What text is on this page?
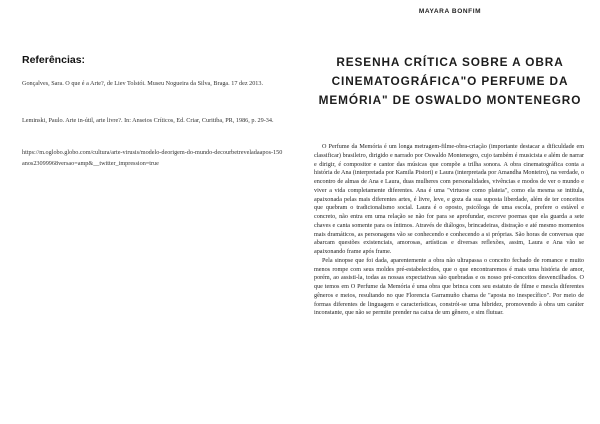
Referências:
Gonçalves, Sara. O que é a Arte?, de Liev Tolstói. Museu Nogueira da Silva, Braga. 17 dez 2013.
Leminski, Paulo. Arte in-útil, arte livre?. In: Anseios Críticos, Ed. Criar, Curitiba, PR, 1986, p. 29-34.
https://m.oglobo.globo.com/cultura/arte-virusis/modelo-deorigem-do-mundo-decourbetreveladaapos-150anos23099968versao=amp&__twitter_impression=true
MAYARA BONFIM
RESENHA CRÍTICA SOBRE A OBRA CINEMATOGRÁFICA"O PERFUME DA MEMÓRIA" DE OSWALDO MONTENEGRO

O Perfume da Memória é um longa metragem-filme-obra-criação (importante destacar a dificuldade em classificar) brasileiro, dirigido e narrado por Oswaldo Montenegro, cujo também é musicista e além de narrar e dirigir, é compositor e cantor das músicas que compõe a trilha sonora. A obra cinematográfica conta a história de Ana (interpretada por Kamila Pistori) e Laura (interpretada por Amandha Monteiro), na verdade, o encontro de almas de Ana e Laura, duas mulheres com personalidades, vivências e modos de ver o mundo e viver a vida completamente diferentes. Ana é uma "virtuose como plateia", como ela mesma se intitula, apaixonada pelas mais diferentes artes, é livre, leve, e goza da sua suposta liberdade, além de ter conceitos que quebram o tradicionalismo social. Laura é o oposto, psicóloga de uma escola, prefere o estável e concreto, não entra em uma relação se não for para se aprofundar, escreve poemas que ela guarda a sete chaves e canta somente para os íntimos. Através de diálogos, brincadeiras, distração e até mesmo momentos mais dramáticos, as personagens vão se conhecendo e conhecendo a si próprias. São horas de conversas que abarcam questões existenciais, amorosas, artísticas e diversas reflexões, assim, Laura e Ana vão se apaixonando frame após frame.

Pela sinopse que foi dada, aparentemente a obra não ultrapassa o conceito fechado de romance e muito menos rompe com seus moldes pré-estabelecidos, que o que encontraremos é mais uma história de amor, porém, ao assisti-la, todas as nossas expectativas são quebradas e os nosso pré-conceitos desvencilhados. O que temos em O Perfume da Memória é uma obra que brinca com seu estatuto de filme e mescla diferentes gêneros e meios, resultando no que Florencia Garramuño chama de "aposta no inespecífico". Por meio de formas diferentes de linguagem e características, constrói-se uma hibridez, promovendo à obra um caráter inconstante, que não se permite prender na caixa de um gênero, e sim flutuar.
